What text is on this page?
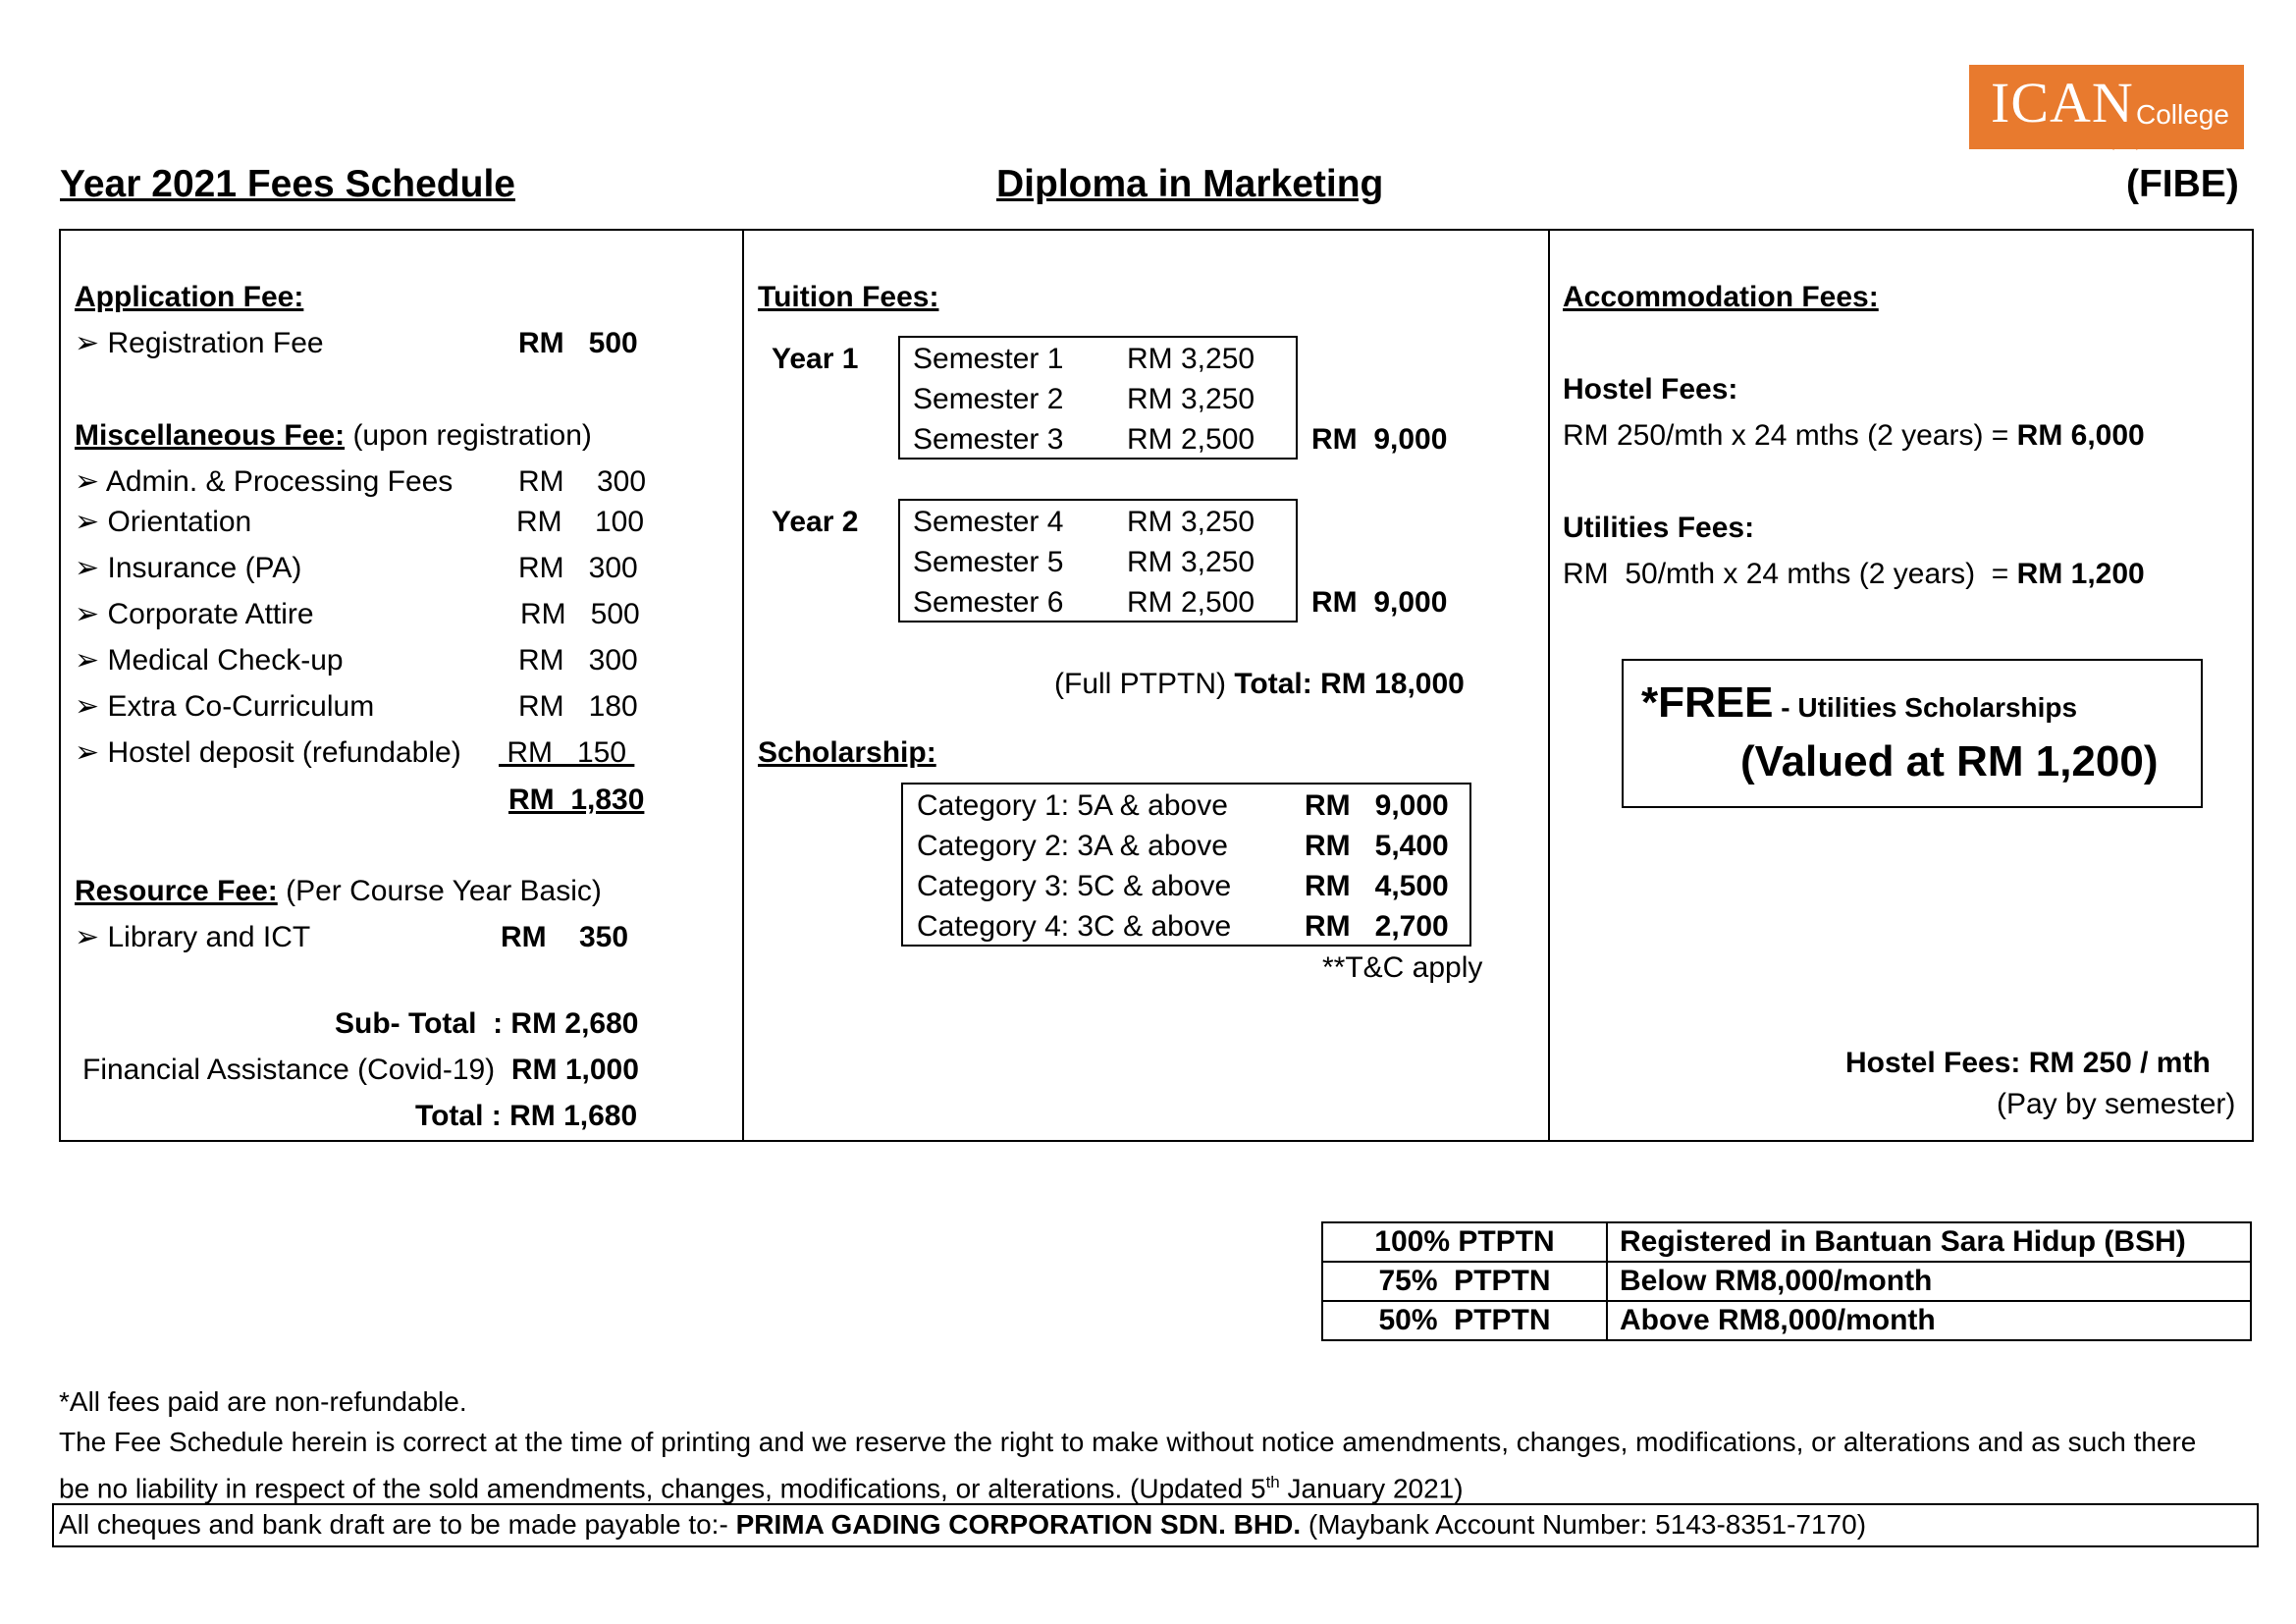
ICAN College
• Quality • Professionalism
Year 2021 Fees Schedule	Diploma in Marketing	(FIBE)
Application Fee:
➢ Registration Fee	RM   500
Miscellaneous Fee: (upon registration)
➢ Admin. & Processing Fees RM    300
➢ Orientation	RM    100
➢ Insurance (PA)	RM   300
➢ Corporate Attire	RM   500
➢ Medical Check-up	RM   300
➢ Extra Co-Curriculum	RM   180
➢ Hostel deposit (refundable) RM   150
RM  1,830
Resource Fee: (Per Course Year Basic)
➢ Library and ICT	RM    350
Sub- Total  : RM 2,680
Financial Assistance (Covid-19)  RM 1,000
Total : RM 1,680
Tuition Fees:
Year 1 Semester 1 RM 3,250
Semester 2 RM 3,250
Semester 3 RM 2,500 RM  9,000
Year 2 Semester 4 RM 3,250
Semester 5 RM 3,250
Semester 6 RM 2,500 RM  9,000
(Full PTPTN) Total: RM 18,000
Scholarship:
Category 1: 5A & above	RM   9,000
Category 2: 3A & above	RM   5,400
Category 3: 5C & above RM   4,500
Category 4: 3C & above RM   2,700
**T&C apply
Accommodation Fees:
Hostel Fees:
RM 250/mth x 24 mths (2 years) = RM 6,000
Utilities Fees:
RM  50/mth x 24 mths (2 years)  = RM 1,200
*FREE - Utilities Scholarships
(Valued at RM 1,200)
Hostel Fees: RM 250 / mth
(Pay by semester)
100% PTPTN	Registered in Bantuan Sara Hidup (BSH)
75%  PTPTN	Below RM8,000/month
50%  PTPTN	Above RM8,000/month
*All fees paid are non-refundable.
The Fee Schedule herein is correct at the time of printing and we reserve the right to make without notice amendments, changes, modifications, or alterations and as such there
be no liability in respect of the sold amendments, changes, modifications, or alterations. (Updated 5th January 2021)
All cheques and bank draft are to be made payable to:- PRIMA GADING CORPORATION SDN. BHD. (Maybank Account Number: 5143-8351-7170)
